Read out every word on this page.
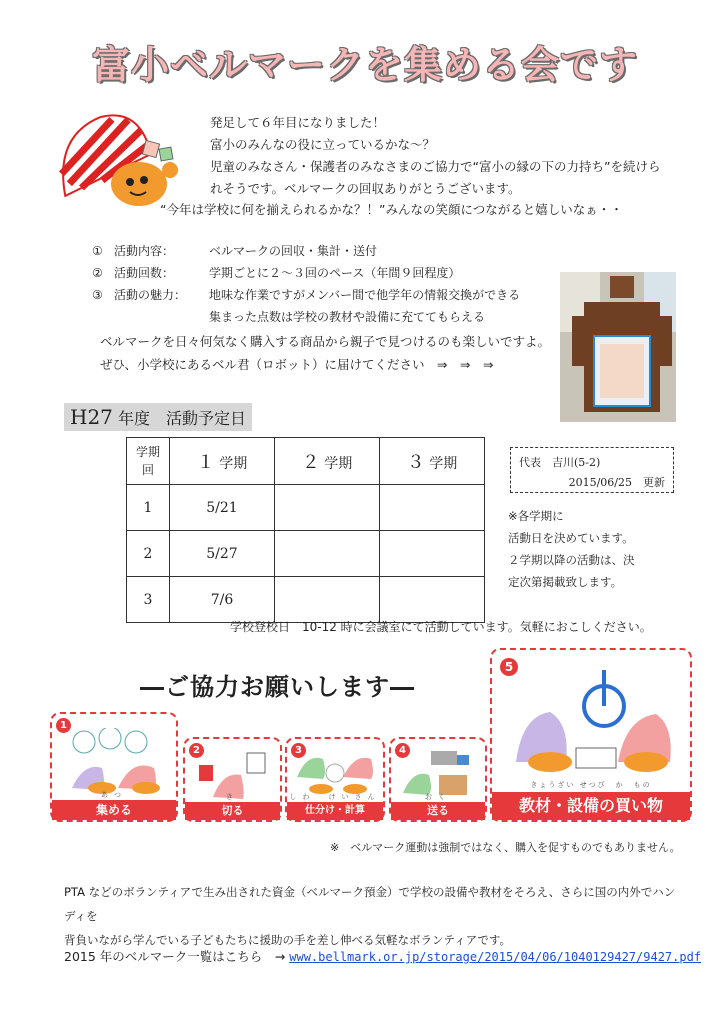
富小ベルマークを集める会です

発足して６年目になりました！

富小のみんなの役に立っているかな～？

児童のみなさん・保護者のみなさまのご協力で“富小の縁の下の力持ち”を続けら

れそうです。ベルマークの回収ありがとうございます。

“今年は学校に何を揃えられるかな？！”みんなの笑顔につながると嬉しいなぁ・・
① 活動内容：	ベルマークの回収・集計・送付
② 活動回数：	学期ごとに２～３回のペース（年間９回程度）
③ 活動の魅力：	地味な作業ですがメンバー間で他学年の情報交換ができる
集まった点数は学校の教材や設備に充ててもらえる
ベルマークを日々何気なく購入する商品から親子で見つけるのも楽しいですよ。
ぜひ、小学校にあるベル君（ロボット）に届けてください　⇒　⇒　⇒
H27 年度　活動予定日
学期
回	１ 学期	２ 学期	３ 学期
1	5/21		
2	5/27		
3	7/6		
代表　吉川(5-2)
2015/06/25　更新
※各学期に
活動日を決めています。
２学期以降の活動は、決
定次第掲載致します。
学校登校日　10-12 時に会議室にて活動しています。気軽におこしください。
―ご協力お願いします―
1
あつ
集める
2
き
切る
3
しわ　けいさん
仕分け・計算
4
おく
送る
5
きょうざい せつび　か　もの
教材・設備の買い物
※　ベルマーク運動は強制ではなく、購入を促すものでもありません。
PTA などのボランティアで生み出された資金（ベルマーク預金）で学校の設備や教材をそろえ、さらに国の内外でハンディを
背負いながら学んでいる子どもたちに援助の手を差し伸べる気軽なボランティアです。
2015 年のベルマーク一覧はこちら　→ www.bellmark.or.jp/storage/2015/04/06/1040129427/9427.pdf
